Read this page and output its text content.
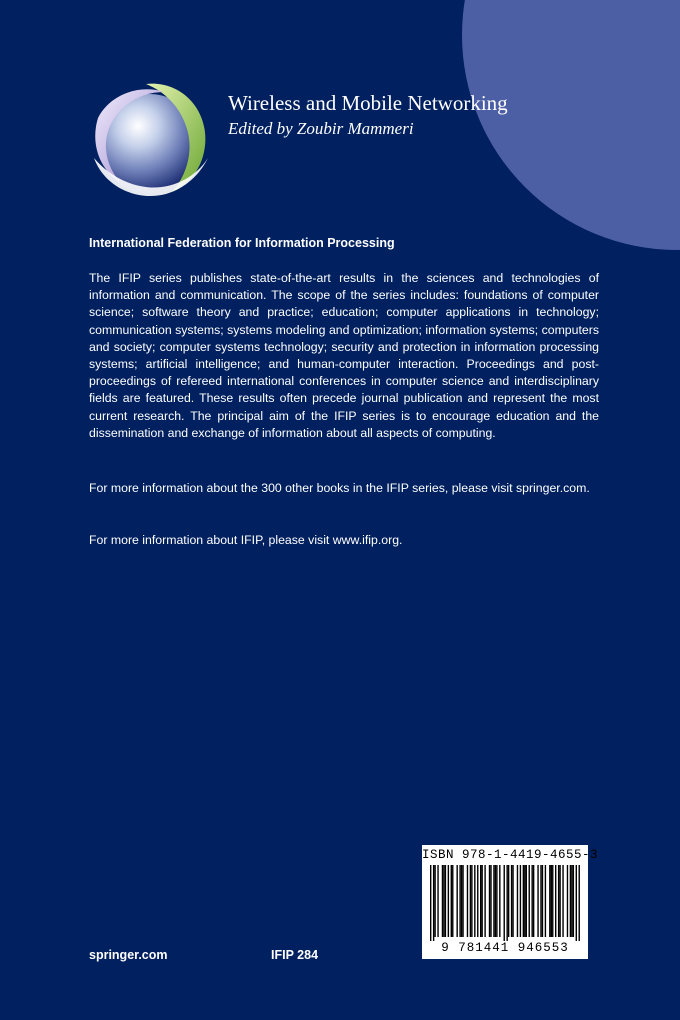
Wireless and Mobile Networking

Edited by Zoubir Mammeri

International Federation for Information Processing

The IFIP series publishes state-of-the-art results in the sciences and technologies of information and communication. The scope of the series includes: foundations of computer science; software theory and practice; education; computer applications in technology; communication systems; systems modeling and optimization; information systems; computers and society; computer systems technology; security and protection in information processing systems; artificial intelligence; and human-computer interaction. Proceedings and post-proceedings of refereed international conferences in computer science and interdisciplinary fields are featured. These results often precede journal publication and represent the most current research. The principal aim of the IFIP series is to encourage education and the dissemination and exchange of information about all aspects of computing.

For more information about the 300 other books in the IFIP series, please visit springer.com.

For more information about IFIP, please visit www.ifip.org.

ISBN 978-1-4419-4655-3

9 781441 946553

springer.com	IFIP 284
